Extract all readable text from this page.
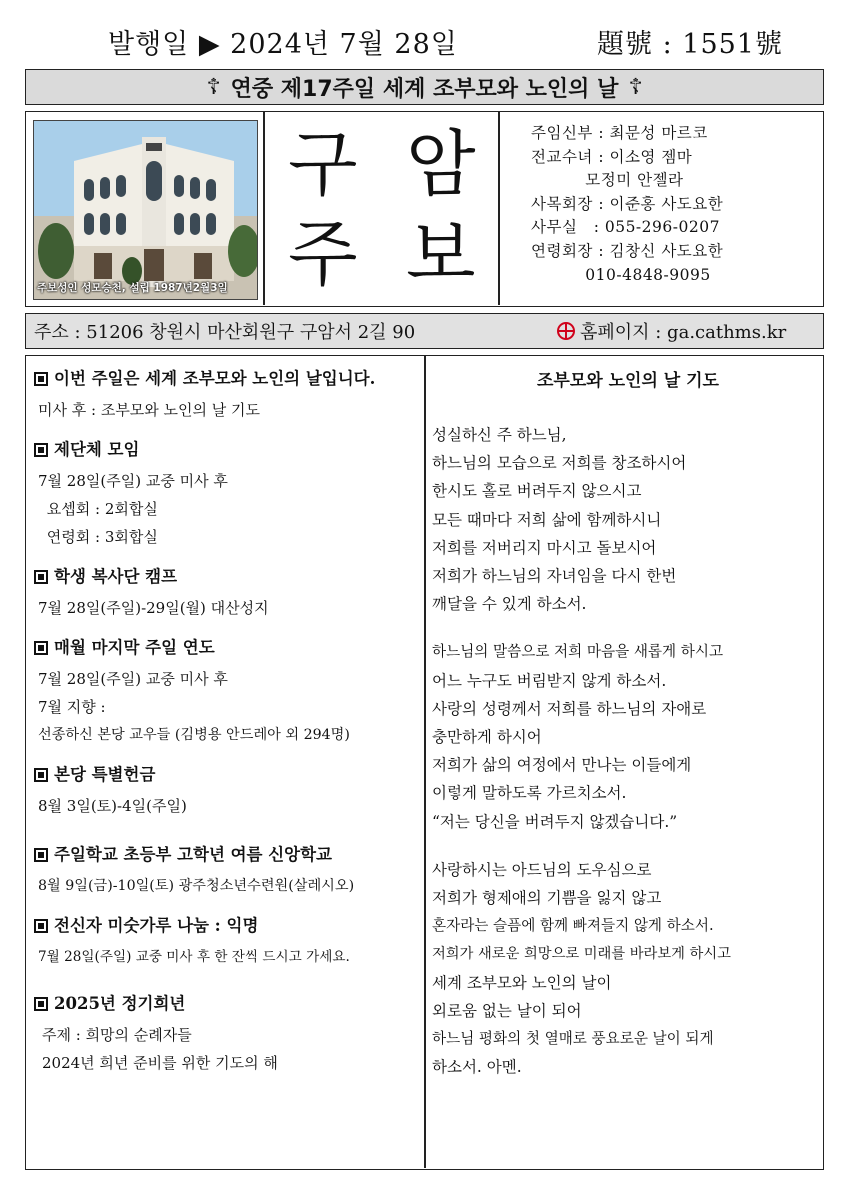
발행일 ▶ 2024년 7월 28일	題號 : 1551號
☦ 연중 제17주일 세계 조부모와 노인의 날 ☦
주보성인 성모승천, 설립 1987년2월3일
구 암
주 보
주임신부 : 최문성 마르코
전교수녀 : 이소영 젬마
모정미 안젤라
사목회장 : 이준홍 사도요한
사무실   : 055-296-0207
연령회장 : 김창신 사도요한
010-4848-9095
주소 : 51206 창원시 마산회원구 구암서 2길 90	홈페이지 : ga.cathms.kr
이번 주일은 세계 조부모와 노인의 날입니다.
미사 후 : 조부모와 노인의 날 기도
제단체 모임
7월 28일(주일) 교중 미사 후
요셉회 : 2회합실
연령회 : 3회합실
학생 복사단 캠프
7월 28일(주일)-29일(월) 대산성지
매월 마지막 주일 연도
7월 28일(주일) 교중 미사 후
7월 지향 :
선종하신 본당 교우들 (김병용 안드레아 외 294명)
본당 특별헌금
8월 3일(토)-4일(주일)
주일학교 초등부 고학년 여름 신앙학교
8월 9일(금)-10일(토) 광주청소년수련원(살레시오)
전신자 미숫가루 나눔 : 익명
7월 28일(주일) 교중 미사 후 한 잔씩 드시고 가세요.
2025년 정기희년
주제 : 희망의 순례자들
2024년 희년 준비를 위한 기도의 해
조부모와 노인의 날 기도
성실하신 주 하느님,
하느님의 모습으로 저희를 창조하시어
한시도 홀로 버려두지 않으시고
모든 때마다 저희 삶에 함께하시니
저희를 저버리지 마시고 돌보시어
저희가 하느님의 자녀임을 다시 한번
깨달을 수 있게 하소서.
하느님의 말씀으로 저희 마음을 새롭게 하시고
어느 누구도 버림받지 않게 하소서.
사랑의 성령께서 저희를 하느님의 자애로
충만하게 하시어
저희가 삶의 여정에서 만나는 이들에게
이렇게 말하도록 가르치소서.
“저는 당신을 버려두지 않겠습니다.”
사랑하시는 아드님의 도우심으로
저희가 형제애의 기쁨을 잃지 않고
혼자라는 슬픔에 함께 빠져들지 않게 하소서.
저희가 새로운 희망으로 미래를 바라보게 하시고
세계 조부모와 노인의 날이
외로움 없는 날이 되어
하느님 평화의 첫 열매로 풍요로운 날이 되게
하소서. 아멘.
